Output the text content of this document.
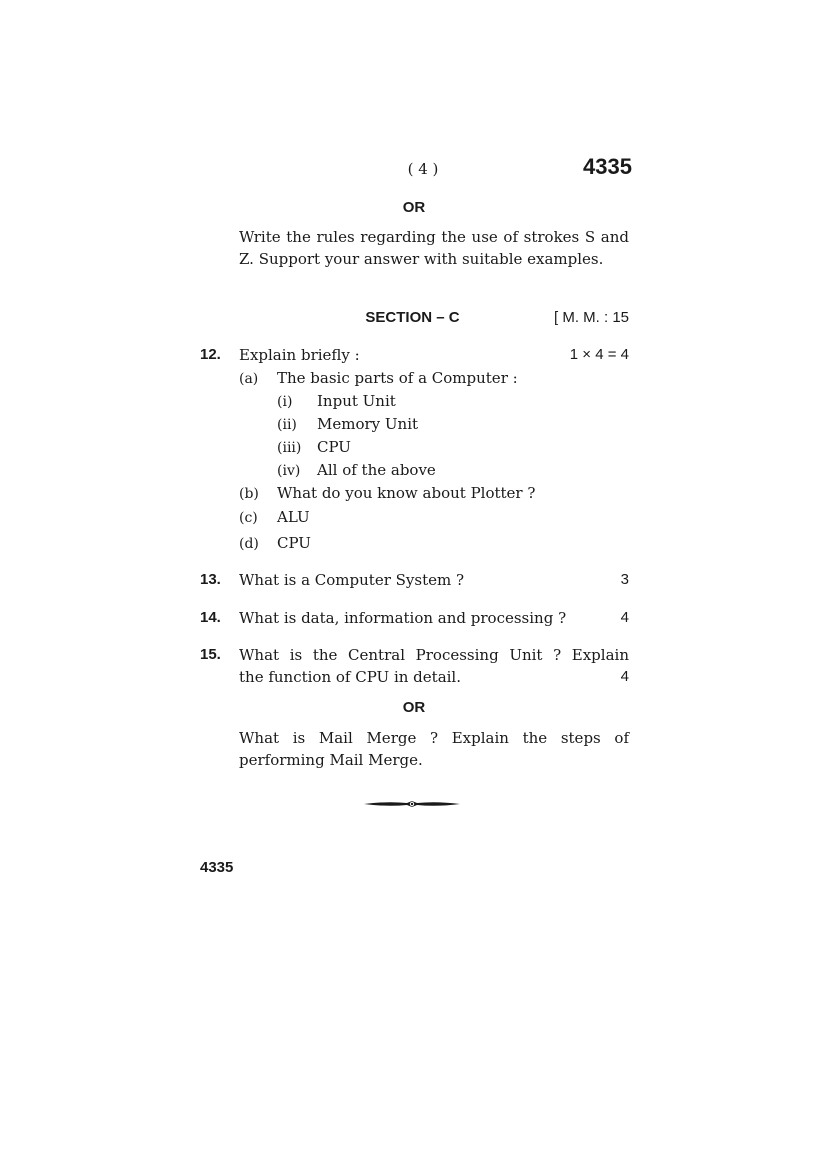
( 4 )	4335
OR
Write the rules regarding the use of strokes S and Z. Support your answer with suitable examples.
SECTION – C	[ M. M. : 15
12. Explain briefly :	1 × 4 = 4
(a) The basic parts of a Computer :
(i) Input Unit
(ii) Memory Unit
(iii) CPU
(iv) All of the above
(b) What do you know about Plotter ?
(c) ALU
(d) CPU
13. What is a Computer System ?	3
14. What is data, information and processing ?	4
15. What is the Central Processing Unit ? Explain
the function of CPU in detail.	4
OR
What is Mail Merge ? Explain the steps of performing Mail Merge.
4335
